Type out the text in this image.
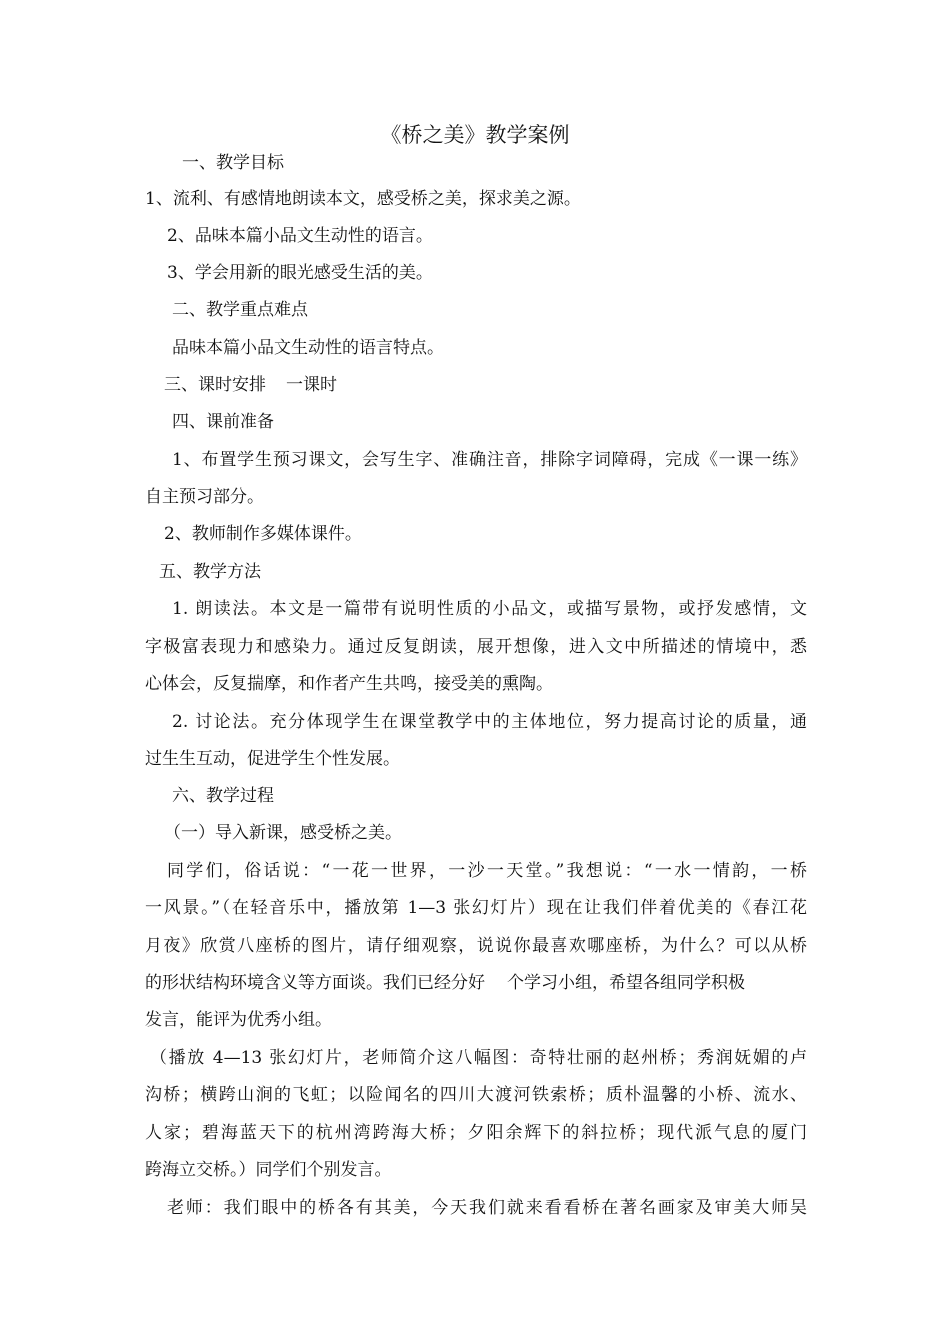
《桥之美》教学案例
一、教学目标
1、流利、有感情地朗读本文，感受桥之美，探求美之源。
2、品味本篇小品文生动性的语言。
3、学会用新的眼光感受生活的美。
二、教学重点难点
品味本篇小品文生动性的语言特点。
三、课时安排 一课时
四、课前准备
1、布置学生预习课文，会写生字、准确注音，排除字词障碍，完成《一课一练》
自主预习部分。
2、教师制作多媒体课件。
五、教学方法
1. 朗读法。本文是一篇带有说明性质的小品文，或描写景物，或抒发感情，文
字极富表现力和感染力。通过反复朗读，展开想像，进入文中所描述的情境中，悉
心体会，反复揣摩，和作者产生共鸣，接受美的熏陶。
2. 讨论法。充分体现学生在课堂教学中的主体地位，努力提高讨论的质量，通
过生生互动，促进学生个性发展。
六、教学过程
（一）导入新课，感受桥之美。
同学们，俗话说：“一花一世界，一沙一天堂。”我想说：“一水一情韵，一桥
一风景。”（在轻音乐中，播放第 1—3 张幻灯片）现在让我们伴着优美的《春江花
月夜》欣赏八座桥的图片，请仔细观察，说说你最喜欢哪座桥，为什么？可以从桥
的形状结构环境含义等方面谈。我们已经分好 个学习小组，希望各组同学积极
发言，能评为优秀小组。
（播放 4—13 张幻灯片，老师简介这八幅图：奇特壮丽的赵州桥；秀润妩媚的卢
沟桥；横跨山涧的飞虹；以险闻名的四川大渡河铁索桥；质朴温馨的小桥、流水、
人家；碧海蓝天下的杭州湾跨海大桥；夕阳余辉下的斜拉桥；现代派气息的厦门
跨海立交桥。）同学们个别发言。
老师：我们眼中的桥各有其美，今天我们就来看看桥在著名画家及审美大师吴
